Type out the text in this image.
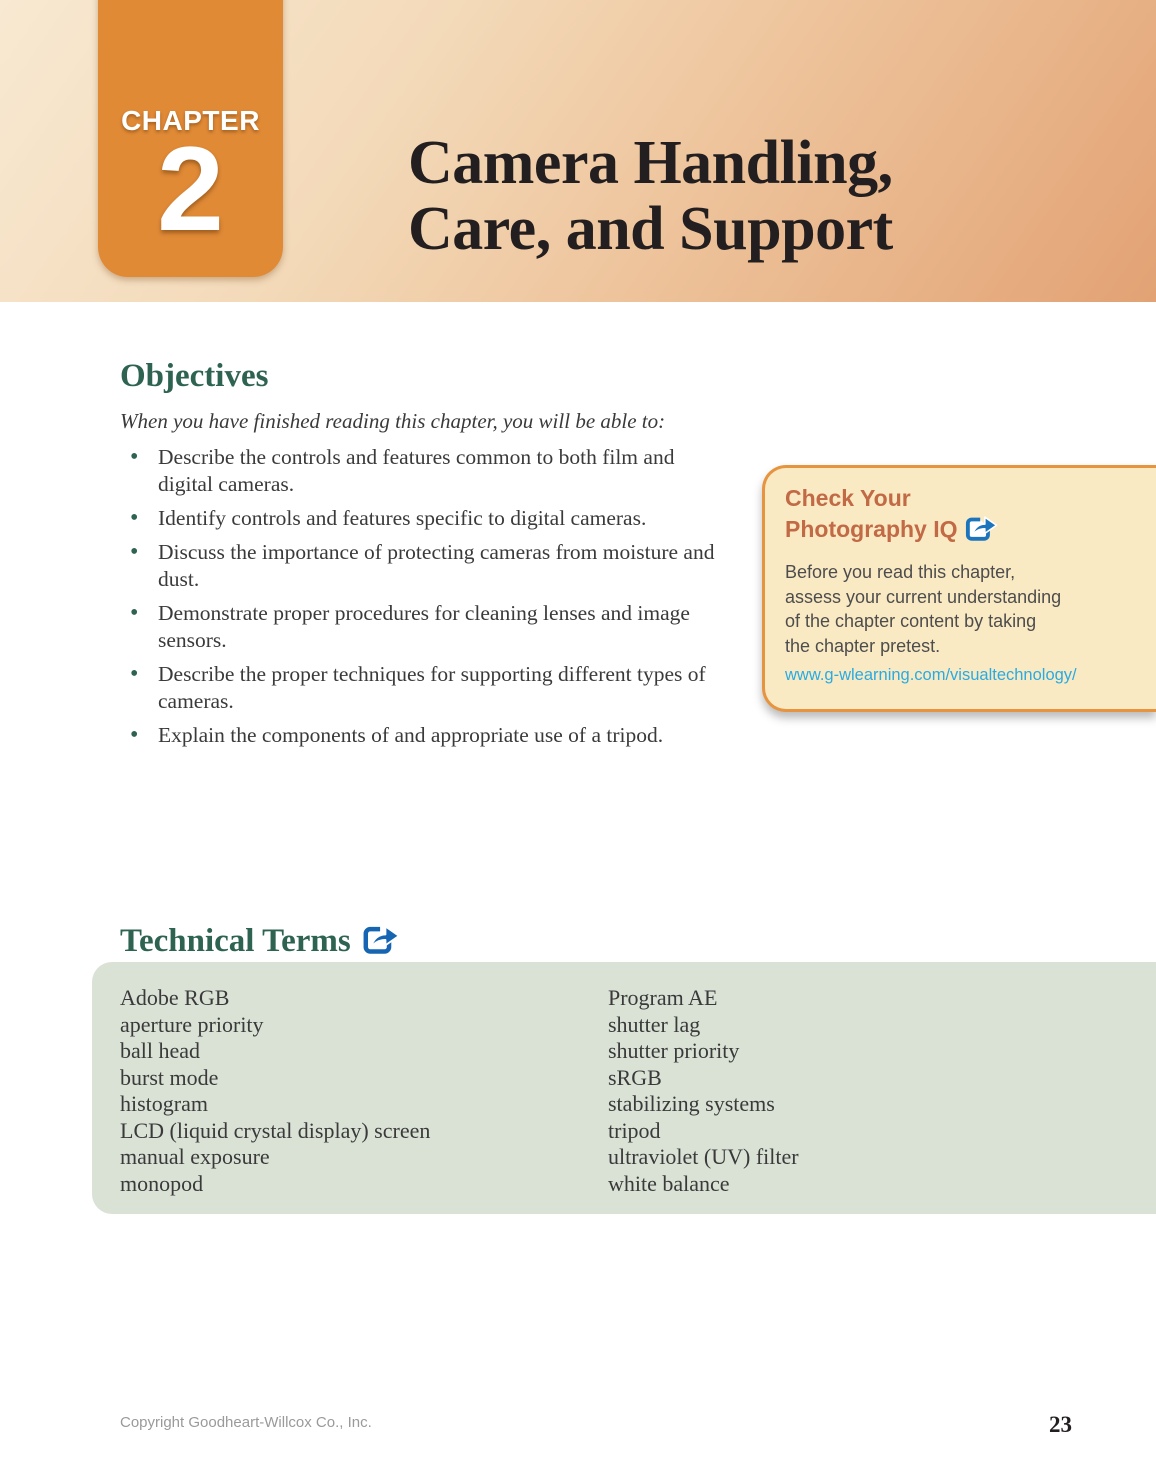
CHAPTER
2	Camera Handling,
Care, and Support
Objectives

When you have finished reading this chapter, you will be able to:

• Describe the controls and features common to both film and digital cameras.
• Identify controls and features specific to digital cameras.
• Discuss the importance of protecting cameras from moisture and dust.
• Demonstrate proper procedures for cleaning lenses and image sensors.
• Describe the proper techniques for supporting different types of cameras.
• Explain the components of and appropriate use of a tripod.
Check Your
Photography IQ

Before you read this chapter, assess your current understanding of the chapter content by taking the chapter pretest.

www.g-wlearning.com/visualtechnology/
Technical Terms
Adobe RGB
aperture priority
ball head
burst mode
histogram
LCD (liquid crystal display) screen
manual exposure
monopod
Program AE
shutter lag
shutter priority
sRGB
stabilizing systems
tripod
ultraviolet (UV) filter
white balance
Copyright Goodheart-Willcox Co., Inc.	23
